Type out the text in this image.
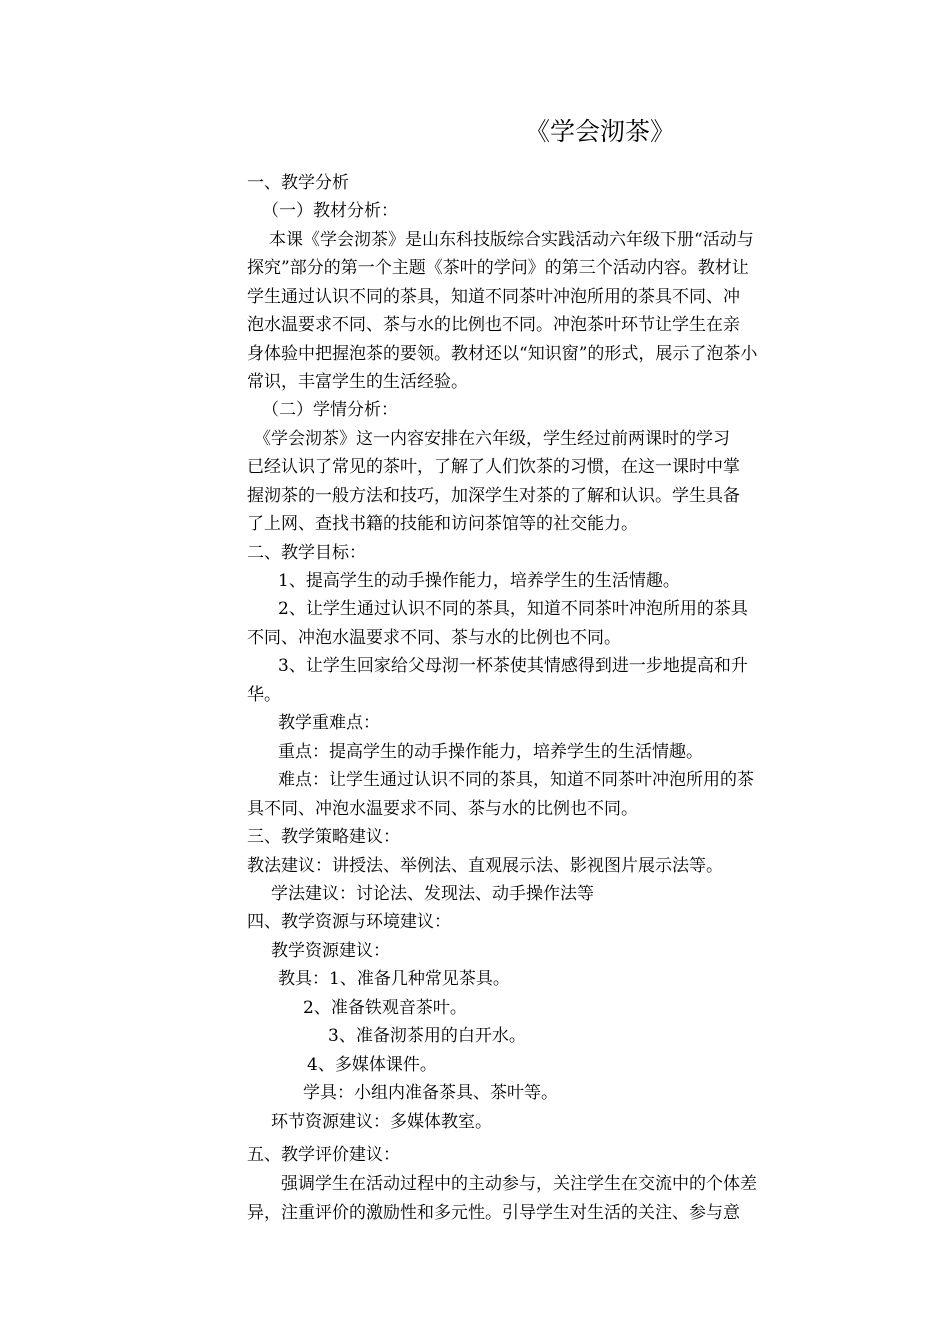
《学会沏茶》
一、教学分析
（一）教材分析：
本课《学会沏茶》是山东科技版综合实践活动六年级下册“活动与
探究”部分的第一个主题《茶叶的学问》的第三个活动内容。教材让
学生通过认识不同的茶具，知道不同茶叶冲泡所用的茶具不同、冲
泡水温要求不同、茶与水的比例也不同。冲泡茶叶环节让学生在亲
身体验中把握泡茶的要领。教材还以“知识窗”的形式，展示了泡茶小
常识，丰富学生的生活经验。
（二）学情分析：
《学会沏茶》这一内容安排在六年级，学生经过前两课时的学习
已经认识了常见的茶叶，了解了人们饮茶的习惯，在这一课时中掌
握沏茶的一般方法和技巧，加深学生对茶的了解和认识。学生具备
了上网、查找书籍的技能和访问茶馆等的社交能力。
二、教学目标：
1、提高学生的动手操作能力，培养学生的生活情趣。
2、让学生通过认识不同的茶具，知道不同茶叶冲泡所用的茶具
不同、冲泡水温要求不同、茶与水的比例也不同。
3、让学生回家给父母沏一杯茶使其情感得到进一步地提高和升
华。
教学重难点：
重点：提高学生的动手操作能力，培养学生的生活情趣。
难点：让学生通过认识不同的茶具，知道不同茶叶冲泡所用的茶
具不同、冲泡水温要求不同、茶与水的比例也不同。
三、教学策略建议：
教法建议：讲授法、举例法、直观展示法、影视图片展示法等。
学法建议：讨论法、发现法、动手操作法等
四、教学资源与环境建议：
教学资源建议：
教具：1、准备几种常见茶具。
2、准备铁观音茶叶。
3、准备沏茶用的白开水。
4、多媒体课件。
学具：小组内准备茶具、茶叶等。
环节资源建议：多媒体教室。
五、教学评价建议：
强调学生在活动过程中的主动参与，关注学生在交流中的个体差
异，注重评价的激励性和多元性。引导学生对生活的关注、参与意
